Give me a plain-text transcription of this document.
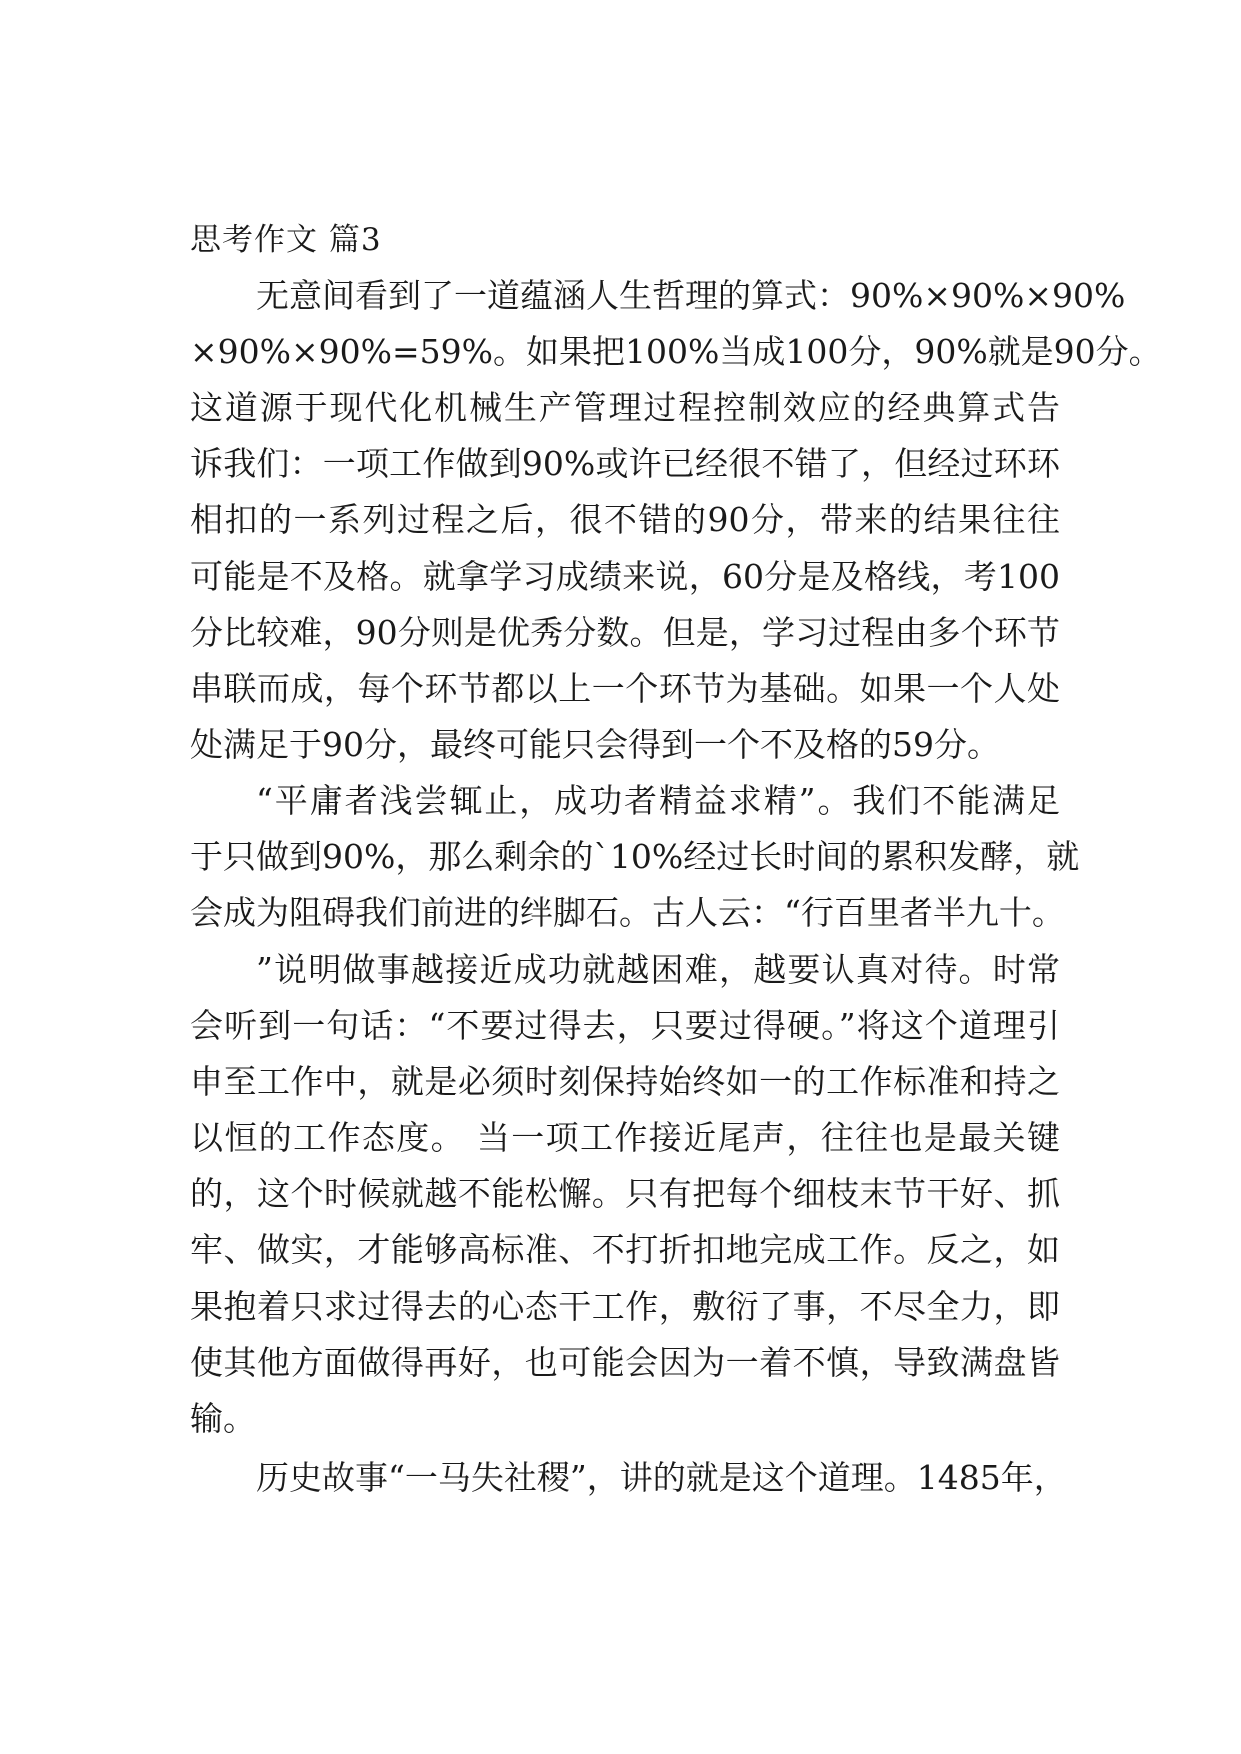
思考作文 篇3

无意间看到了一道蕴涵人生哲理的算式：90%×90%×90%

×90%×90%=59%。如果把100%当成100分，90%就是90分。

这道源于现代化机械生产管理过程控制效应的经典算式告

诉我们：一项工作做到90%或许已经很不错了，但经过环环

相扣的一系列过程之后，很不错的90分，带来的结果往往

可能是不及格。就拿学习成绩来说，60分是及格线，考100

分比较难，90分则是优秀分数。但是，学习过程由多个环节

串联而成，每个环节都以上一个环节为基础。如果一个人处

处满足于90分，最终可能只会得到一个不及格的59分。

“平庸者浅尝辄止，成功者精益求精”。我们不能满足

于只做到90%，那么剩余的`10%经过长时间的累积发酵，就

会成为阻碍我们前进的绊脚石。古人云：“行百里者半九十。

”说明做事越接近成功就越困难，越要认真对待。时常

会听到一句话：“不要过得去，只要过得硬。”将这个道理引

申至工作中，就是必须时刻保持始终如一的工作标准和持之

以恒的工作态度。 当一项工作接近尾声，往往也是最关键

的，这个时候就越不能松懈。只有把每个细枝末节干好、抓

牢、做实，才能够高标准、不打折扣地完成工作。反之，如

果抱着只求过得去的心态干工作，敷衍了事，不尽全力，即

使其他方面做得再好，也可能会因为一着不慎，导致满盘皆

输。

历史故事“一马失社稷”，讲的就是这个道理。1485年，
